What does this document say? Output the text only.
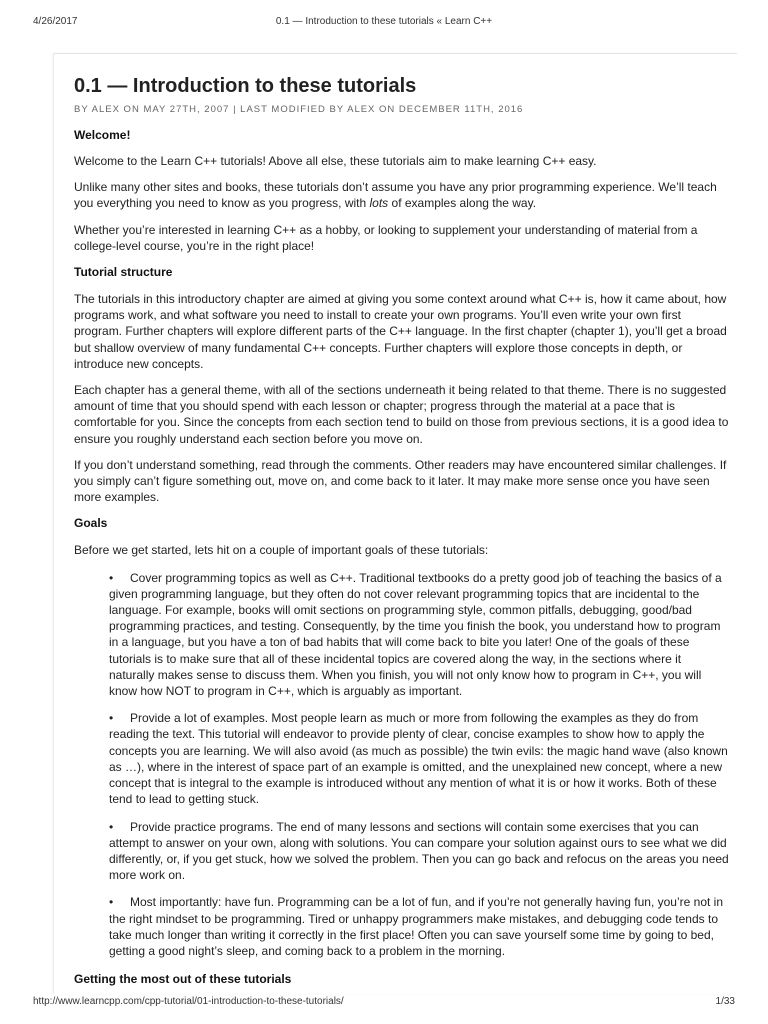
4/26/2017	0.1 — Introduction to these tutorials « Learn C++
0.1 — Introduction to these tutorials
BY ALEX ON MAY 27TH, 2007 | LAST MODIFIED BY ALEX ON DECEMBER 11TH, 2016
Welcome!

Welcome to the Learn C++ tutorials! Above all else, these tutorials aim to make learning C++ easy.

Unlike many other sites and books, these tutorials don’t assume you have any prior programming experience. We’ll teach you everything you need to know as you progress, with lots of examples along the way.

Whether you’re interested in learning C++ as a hobby, or looking to supplement your understanding of material from a college-level course, you’re in the right place!

Tutorial structure

The tutorials in this introductory chapter are aimed at giving you some context around what C++ is, how it came about, how programs work, and what software you need to install to create your own programs. You’ll even write your own first program. Further chapters will explore different parts of the C++ language. In the first chapter (chapter 1), you’ll get a broad but shallow overview of many fundamental C++ concepts. Further chapters will explore those concepts in depth, or introduce new concepts.

Each chapter has a general theme, with all of the sections underneath it being related to that theme. There is no suggested amount of time that you should spend with each lesson or chapter; progress through the material at a pace that is comfortable for you. Since the concepts from each section tend to build on those from previous sections, it is a good idea to ensure you roughly understand each section before you move on.

If you don’t understand something, read through the comments. Other readers may have encountered similar challenges. If you simply can’t figure something out, move on, and come back to it later. It may make more sense once you have seen more examples.

Goals

Before we get started, lets hit on a couple of important goals of these tutorials:

• Cover programming topics as well as C++. Traditional textbooks do a pretty good job of teaching the basics of a given programming language, but they often do not cover relevant programming topics that are incidental to the language. For example, books will omit sections on programming style, common pitfalls, debugging, good/bad programming practices, and testing. Consequently, by the time you finish the book, you understand how to program in a language, but you have a ton of bad habits that will come back to bite you later! One of the goals of these tutorials is to make sure that all of these incidental topics are covered along the way, in the sections where it naturally makes sense to discuss them. When you finish, you will not only know how to program in C++, you will know how NOT to program in C++, which is arguably as important.
• Provide a lot of examples. Most people learn as much or more from following the examples as they do from reading the text. This tutorial will endeavor to provide plenty of clear, concise examples to show how to apply the concepts you are learning. We will also avoid (as much as possible) the twin evils: the magic hand wave (also known as …), where in the interest of space part of an example is omitted, and the unexplained new concept, where a new concept that is integral to the example is introduced without any mention of what it is or how it works. Both of these tend to lead to getting stuck.
• Provide practice programs. The end of many lessons and sections will contain some exercises that you can attempt to answer on your own, along with solutions. You can compare your solution against ours to see what we did differently, or, if you get stuck, how we solved the problem. Then you can go back and refocus on the areas you need more work on.
• Most importantly: have fun. Programming can be a lot of fun, and if you’re not generally having fun, you’re not in the right mindset to be programming. Tired or unhappy programmers make mistakes, and debugging code tends to take much longer than writing it correctly in the first place! Often you can save yourself some time by going to bed, getting a good night’s sleep, and coming back to a problem in the morning.
Getting the most out of these tutorials
http://www.learncpp.com/cpp-tutorial/01-introduction-to-these-tutorials/	1/33
